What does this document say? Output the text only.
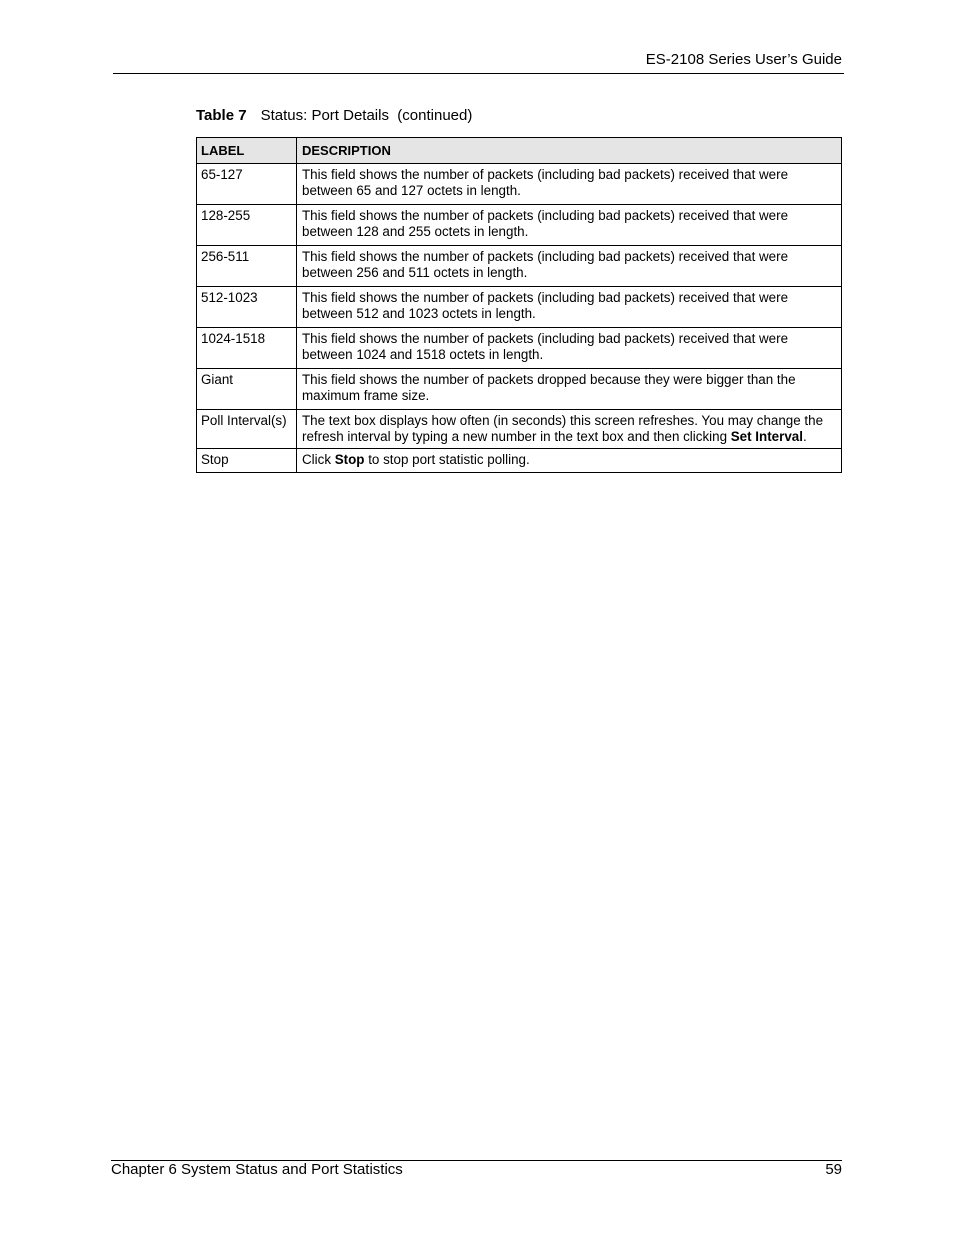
ES-2108 Series User’s Guide
Table 7 Status: Port Details  (continued)
LABEL	DESCRIPTION
65-127	This field shows the number of packets (including bad packets) received that were between 65 and 127 octets in length.
128-255	This field shows the number of packets (including bad packets) received that were between 128 and 255 octets in length.
256-511	This field shows the number of packets (including bad packets) received that were between 256 and 511 octets in length.
512-1023	This field shows the number of packets (including bad packets) received that were between 512 and 1023 octets in length.
1024-1518	This field shows the number of packets (including bad packets) received that were between 1024 and 1518 octets in length.
Giant	This field shows the number of packets dropped because they were bigger than the maximum frame size.
Poll Interval(s)	The text box displays how often (in seconds) this screen refreshes. You may change the refresh interval by typing a new number in the text box and then clicking Set Interval.
Stop	Click Stop to stop port statistic polling.
Chapter 6 System Status and Port Statistics	59
